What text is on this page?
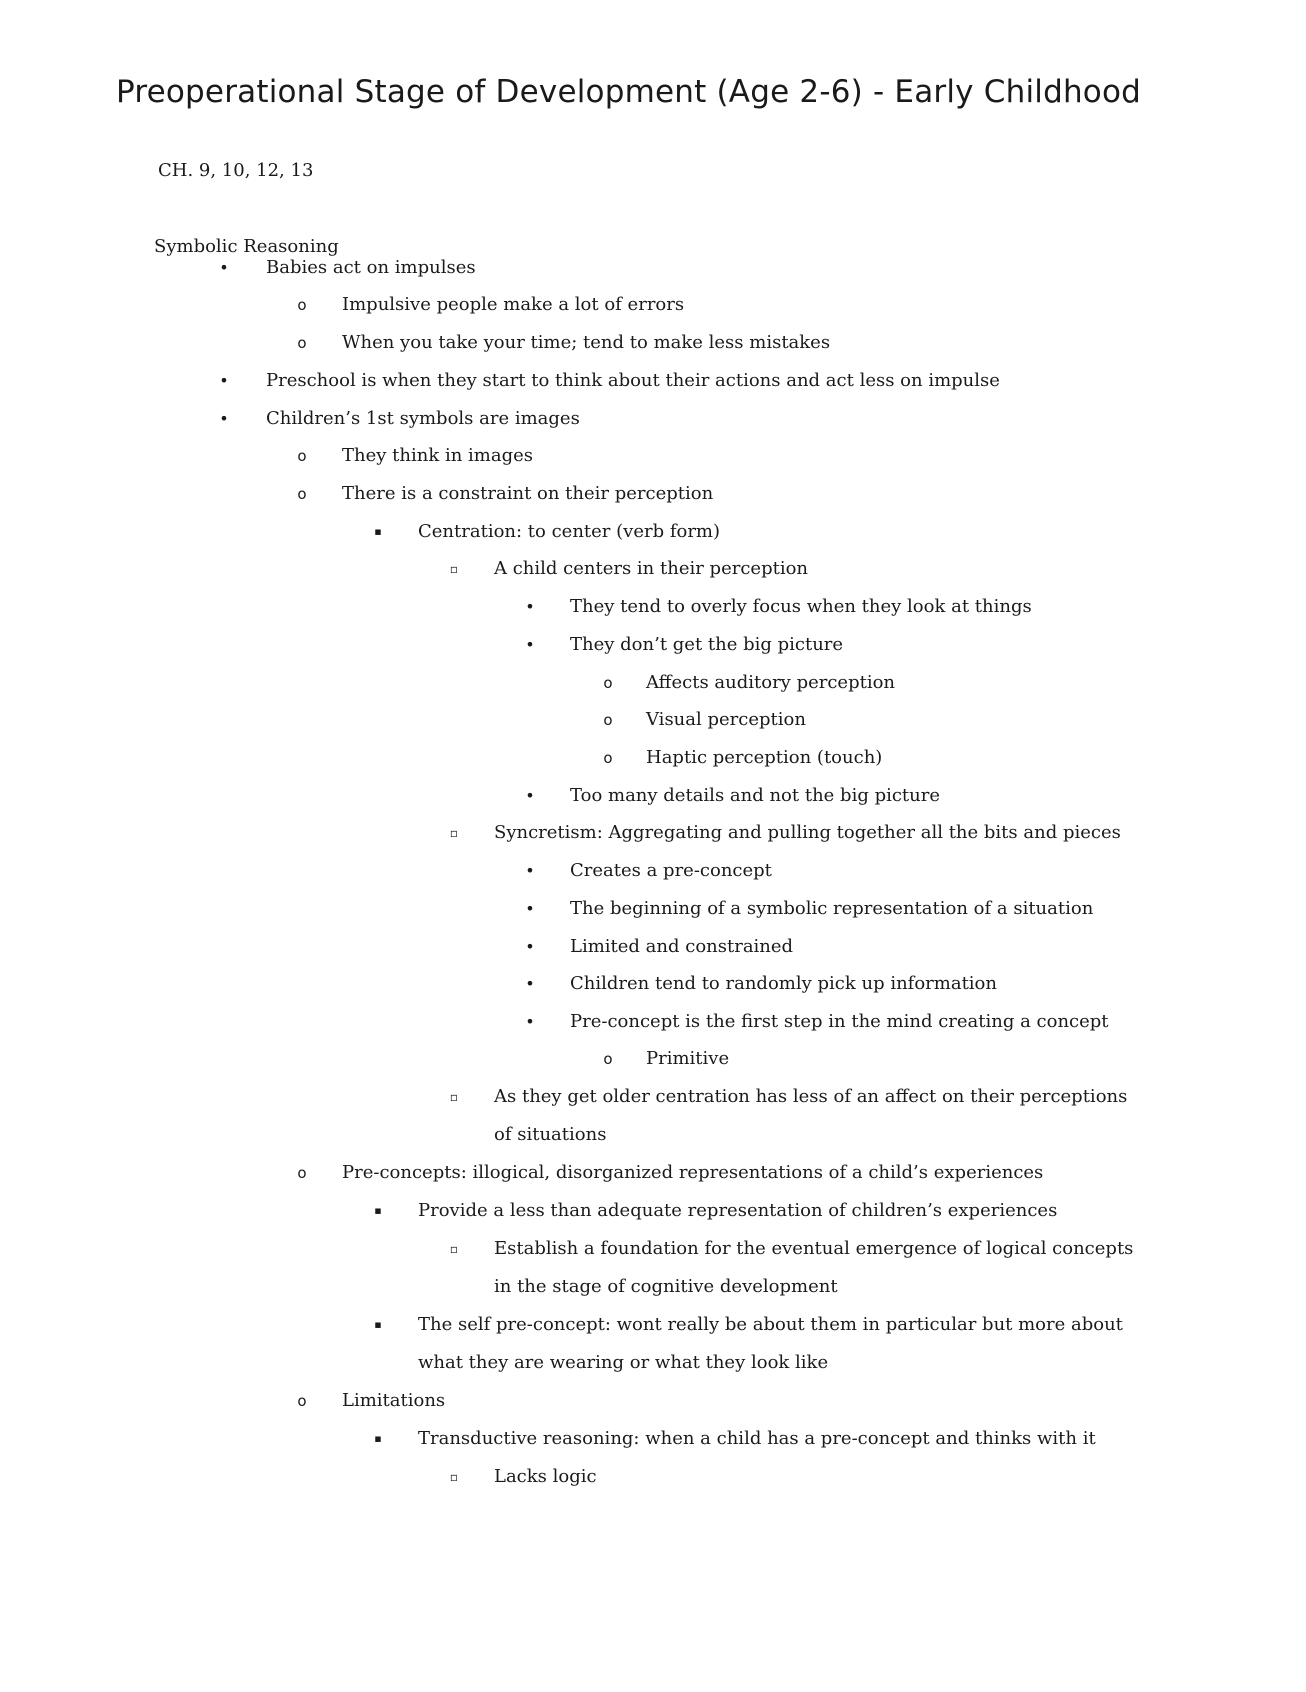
Preoperational Stage of Development (Age 2-6) - Early Childhood
CH. 9, 10, 12, 13
Symbolic Reasoning
• Babies act on impulses
o	Impulsive people make a lot of errors
o	When you take your time; tend to make less mistakes
• Preschool is when they start to think about their actions and act less on impulse
• Children’s 1st symbols are images
o	They think in images
o	There is a constraint on their perception
▪	Centration: to center (verb form)
▫	A child centers in their perception
• They tend to overly focus when they look at things
• They don’t get the big picture
o	Affects auditory perception
o	Visual perception
o	Haptic perception (touch)
• Too many details and not the big picture
▫	Syncretism: Aggregating and pulling together all the bits and pieces
• Creates a pre-concept
• The beginning of a symbolic representation of a situation
• Limited and constrained
• Children tend to randomly pick up information
• Pre-concept is the first step in the mind creating a concept
o	Primitive
▫	As they get older centration has less of an affect on their perceptions of situations
o	Pre-concepts: illogical, disorganized representations of a child’s experiences
▪	Provide a less than adequate representation of children’s experiences
▫	Establish a foundation for the eventual emergence of logical concepts in the stage of cognitive development
▪	The self pre-concept: wont really be about them in particular but more about what they are wearing or what they look like
o	Limitations
▪	Transductive reasoning: when a child has a pre-concept and thinks with it
▫	Lacks logic
